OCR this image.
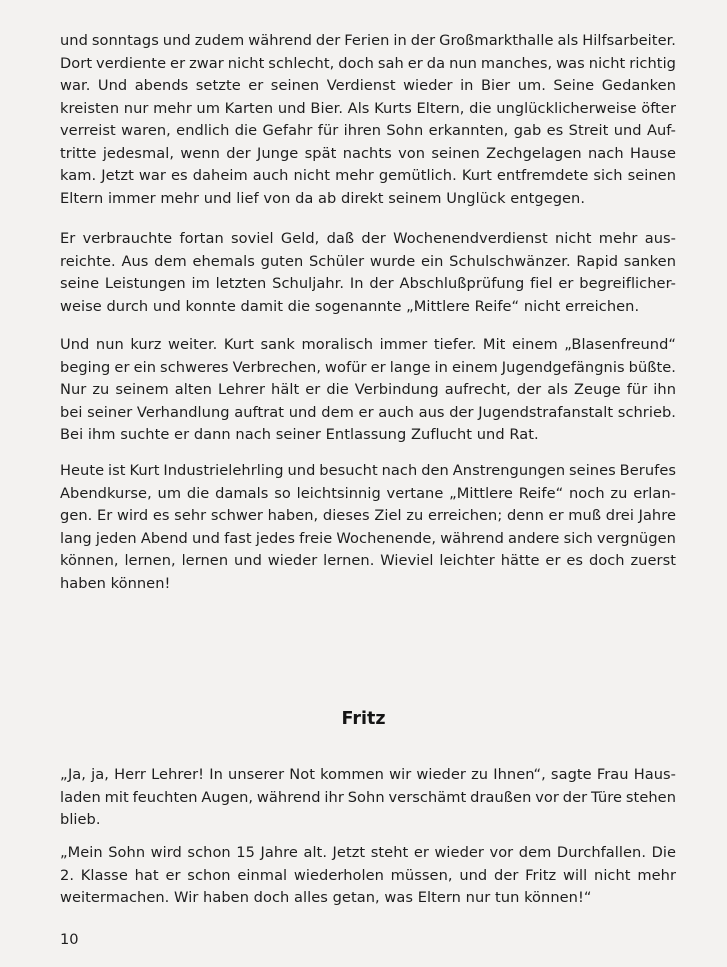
und sonntags und zudem während der Ferien in der Großmarkthalle als Hilfsarbeiter.
Dort verdiente er zwar nicht schlecht, doch sah er da nun manches, was nicht richtig
war. Und abends setzte er seinen Verdienst wieder in Bier um. Seine Gedanken
kreisten nur mehr um Karten und Bier. Als Kurts Eltern, die unglücklicherweise öfter
verreist waren, endlich die Gefahr für ihren Sohn erkannten, gab es Streit und Auf-
tritte jedesmal, wenn der Junge spät nachts von seinen Zechgelagen nach Hause
kam. Jetzt war es daheim auch nicht mehr gemütlich. Kurt entfremdete sich seinen
Eltern immer mehr und lief von da ab direkt seinem Unglück entgegen.

Er verbrauchte fortan soviel Geld, daß der Wochenendverdienst nicht mehr aus-
reichte. Aus dem ehemals guten Schüler wurde ein Schulschwänzer. Rapid sanken
seine Leistungen im letzten Schuljahr. In der Abschlußprüfung fiel er begreiflicher-
weise durch und konnte damit die sogenannte „Mittlere Reife“ nicht erreichen.

Und nun kurz weiter. Kurt sank moralisch immer tiefer. Mit einem „Blasenfreund“
beging er ein schweres Verbrechen, wofür er lange in einem Jugendgefängnis büßte.
Nur zu seinem alten Lehrer hält er die Verbindung aufrecht, der als Zeuge für ihn
bei seiner Verhandlung auftrat und dem er auch aus der Jugendstrafanstalt schrieb.
Bei ihm suchte er dann nach seiner Entlassung Zuflucht und Rat.

Heute ist Kurt Industrielehrling und besucht nach den Anstrengungen seines Berufes
Abendkurse, um die damals so leichtsinnig vertane „Mittlere Reife“ noch zu erlan-
gen. Er wird es sehr schwer haben, dieses Ziel zu erreichen; denn er muß drei Jahre
lang jeden Abend und fast jedes freie Wochenende, während andere sich vergnügen
können, lernen, lernen und wieder lernen. Wieviel leichter hätte er es doch zuerst
haben können!

Fritz

„Ja, ja, Herr Lehrer! In unserer Not kommen wir wieder zu Ihnen“, sagte Frau Haus-
laden mit feuchten Augen, während ihr Sohn verschämt draußen vor der Türe stehen
blieb.

„Mein Sohn wird schon 15 Jahre alt. Jetzt steht er wieder vor dem Durchfallen. Die
2. Klasse hat er schon einmal wiederholen müssen, und der Fritz will nicht mehr
weitermachen. Wir haben doch alles getan, was Eltern nur tun können!“

10
